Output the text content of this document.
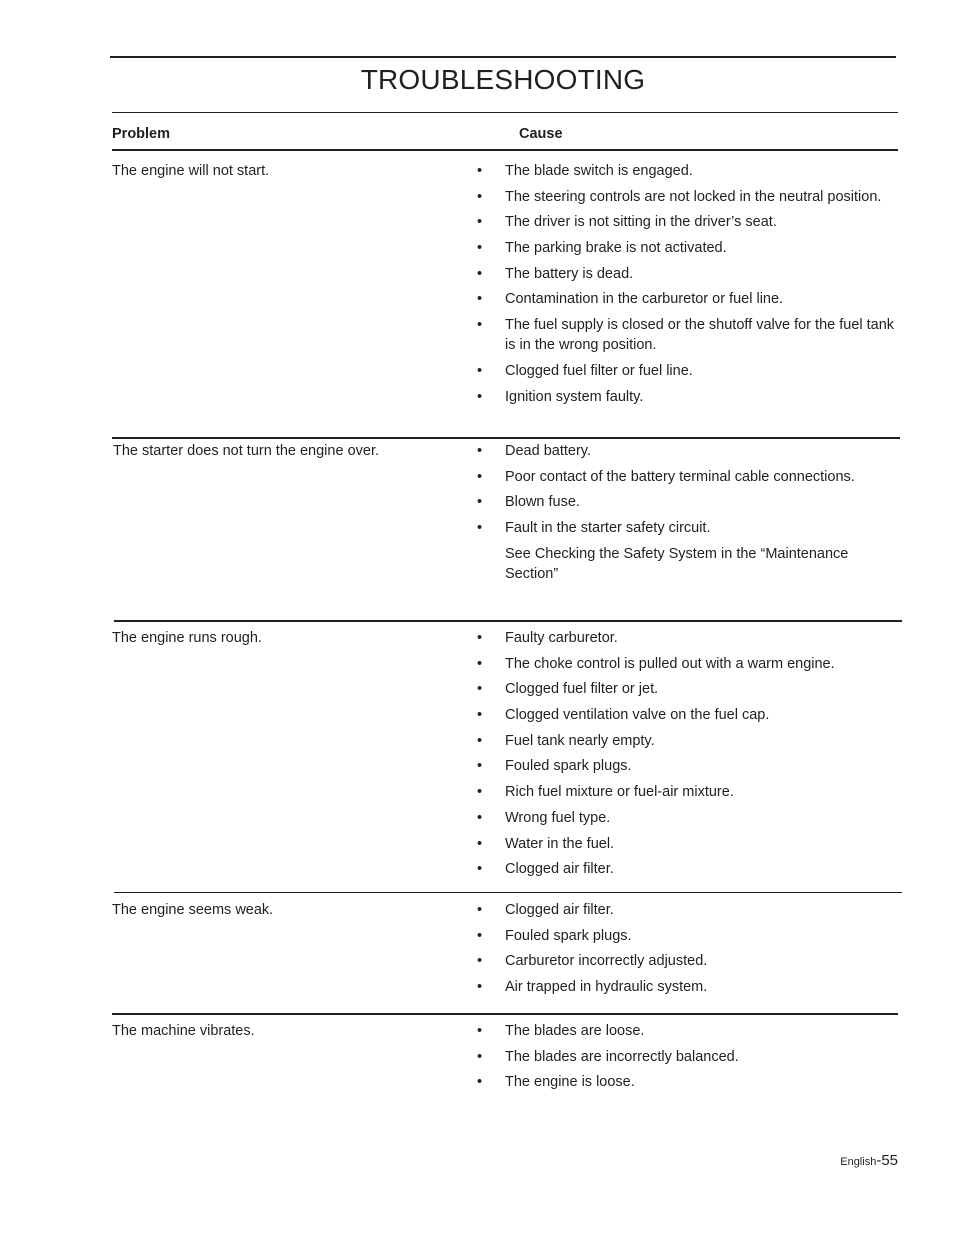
TROUBLESHOOTING
Problem	Cause
The engine will not start.	•	The blade switch is engaged.
•	The steering controls are not locked in the neutral position.
•	The driver is not sitting in the driver’s seat.
•	The parking brake is not activated.
•	The battery is dead.
•	Contamination in the carburetor or fuel line.
•	The fuel supply is closed or the shutoff valve for the fuel tank is in the wrong position.
•	Clogged fuel filter or fuel line.
•	Ignition system faulty.
The starter does not turn the engine over.	•	Dead battery.
•	Poor contact of the battery terminal cable connections.
•	Blown fuse.
•	Fault in the starter safety circuit.
See Checking the Safety System in the “Maintenance Section”
The engine runs rough.	•	Faulty carburetor.
•	The choke control is pulled out with a warm engine.
•	Clogged fuel filter or jet.
•	Clogged ventilation valve on the fuel cap.
•	Fuel tank nearly empty.
•	Fouled spark plugs.
•	Rich fuel mixture or fuel-air mixture.
•	Wrong fuel type.
•	Water in the fuel.
•	Clogged air filter.
The engine seems weak.	•	Clogged air filter.
•	Fouled spark plugs.
•	Carburetor incorrectly adjusted.
•	Air trapped in hydraulic system.
The machine vibrates.	•	The blades are loose.
•	The blades are incorrectly balanced.
•	The engine is loose.
English-55
